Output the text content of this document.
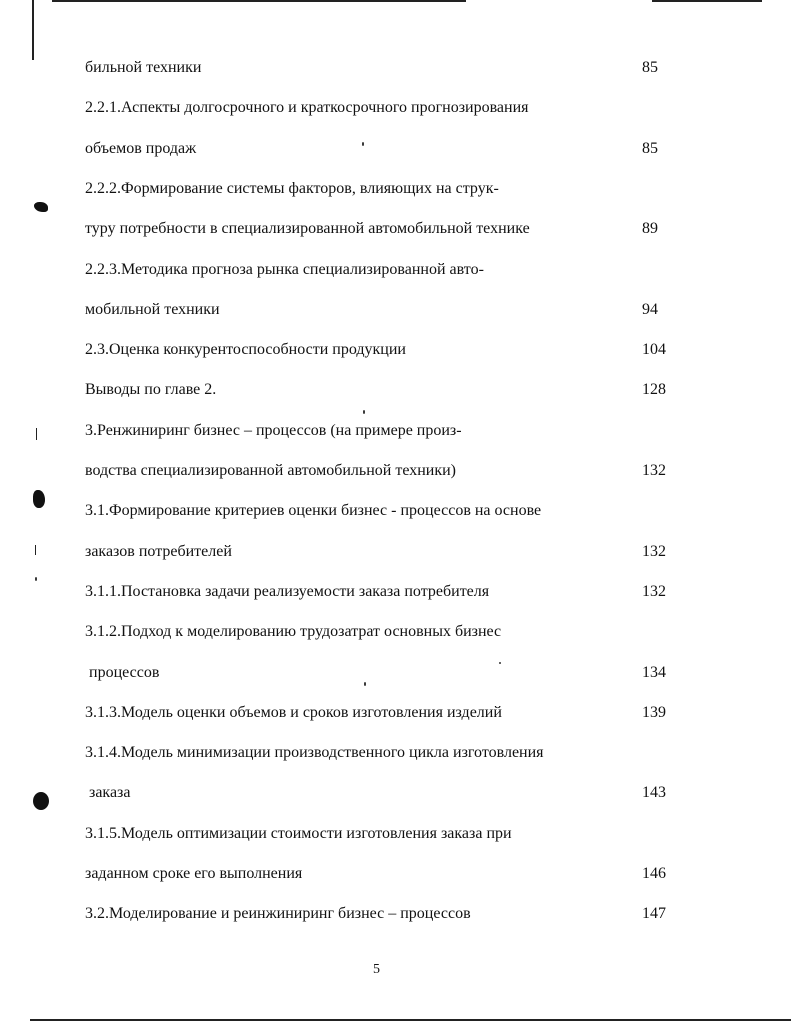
бильной техники	85
2.2.1.Аспекты долгосрочного и краткосрочного прогнозирования
объемов продаж	85
2.2.2.Формирование системы факторов, влияющих на струк-
туру потребности в специализированной автомобильной технике	89
2.2.3.Методика прогноза рынка специализированной авто-
мобильной техники	94
2.3.Оценка конкурентоспособности продукции	104
Выводы по главе 2.	128
3.Ренжиниринг бизнес – процессов (на примере произ-
водства специализированной автомобильной техники)	132
3.1.Формирование критериев оценки бизнес - процессов на основе
заказов потребителей	132
3.1.1.Постановка задачи реализуемости заказа потребителя	132
3.1.2.Подход к моделированию трудозатрат основных бизнес
процессов	134
3.1.3.Модель оценки объемов и сроков изготовления изделий	139
3.1.4.Модель минимизации производственного цикла изготовления
заказа	143
3.1.5.Модель оптимизации стоимости изготовления заказа при
заданном сроке его выполнения	146
3.2.Моделирование и реинжиниринг бизнес – процессов	147
5
